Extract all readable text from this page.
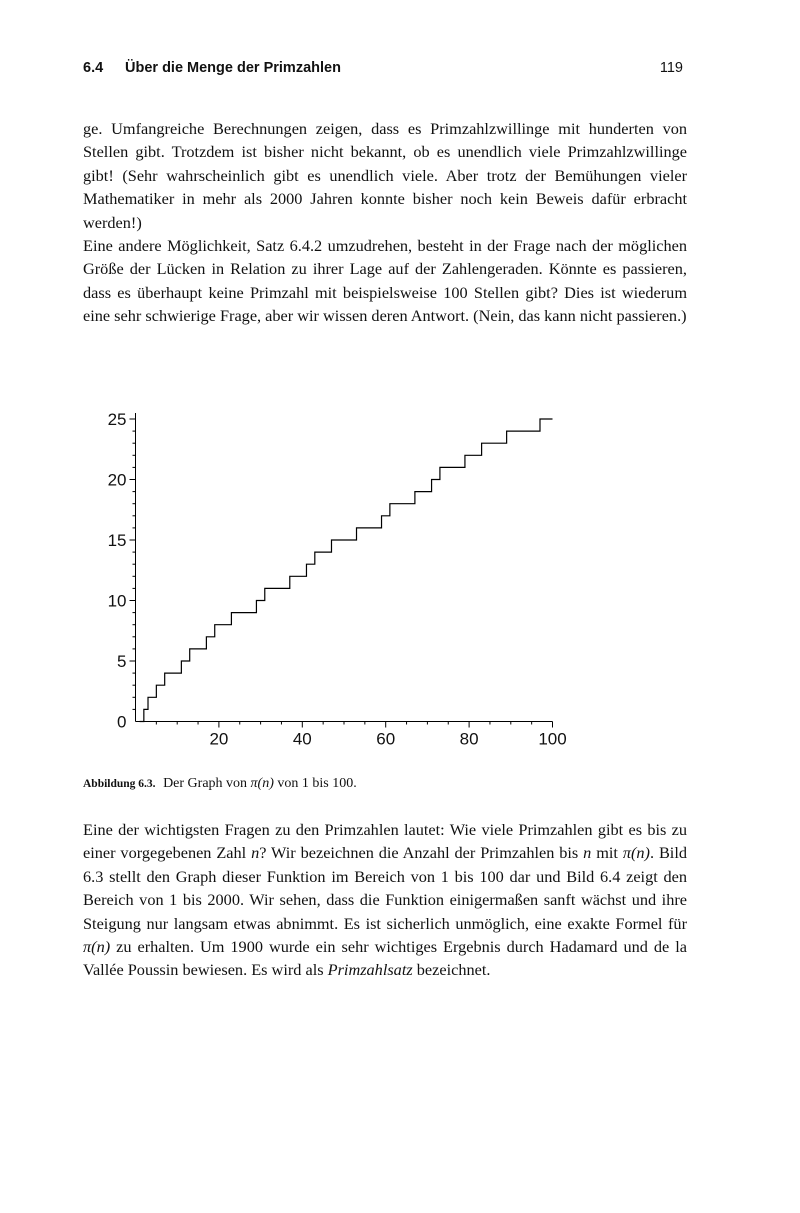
6.4 Über die Menge der Primzahlen	119

ge. Umfangreiche Berechnungen zeigen, dass es Primzahlzwillinge mit hunderten von Stellen gibt. Trotzdem ist bisher nicht bekannt, ob es unendlich viele Primzahlzwillinge gibt! (Sehr wahrscheinlich gibt es unendlich viele. Aber trotz der Bemühungen vieler Mathematiker in mehr als 2000 Jahren konnte bisher noch kein Beweis dafür erbracht werden!)

Eine andere Möglichkeit, Satz 6.4.2 umzudrehen, besteht in der Frage nach der möglichen Größe der Lücken in Relation zu ihrer Lage auf der Zahlengeraden. Könnte es passieren, dass es überhaupt keine Primzahl mit beispielsweise 100 Stellen gibt? Dies ist wiederum eine sehr schwierige Frage, aber wir wissen deren Antwort. (Nein, das kann nicht passieren.)

20	40	60	80	100
0
5
10
15
20
25
Abbildung 6.3. Der Graph von π(n) von 1 bis 100.

Eine der wichtigsten Fragen zu den Primzahlen lautet: Wie viele Primzahlen gibt es bis zu einer vorgegebenen Zahl n? Wir bezeichnen die Anzahl der Primzahlen bis n mit π(n). Bild 6.3 stellt den Graph dieser Funktion im Bereich von 1 bis 100 dar und Bild 6.4 zeigt den Bereich von 1 bis 2000. Wir sehen, dass die Funktion einigermaßen sanft wächst und ihre Steigung nur langsam etwas abnimmt. Es ist sicherlich unmöglich, eine exakte Formel für π(n) zu erhalten. Um 1900 wurde ein sehr wichtiges Ergebnis durch Hadamard und de la Vallée Poussin bewiesen. Es wird als Primzahlsatz bezeichnet.
